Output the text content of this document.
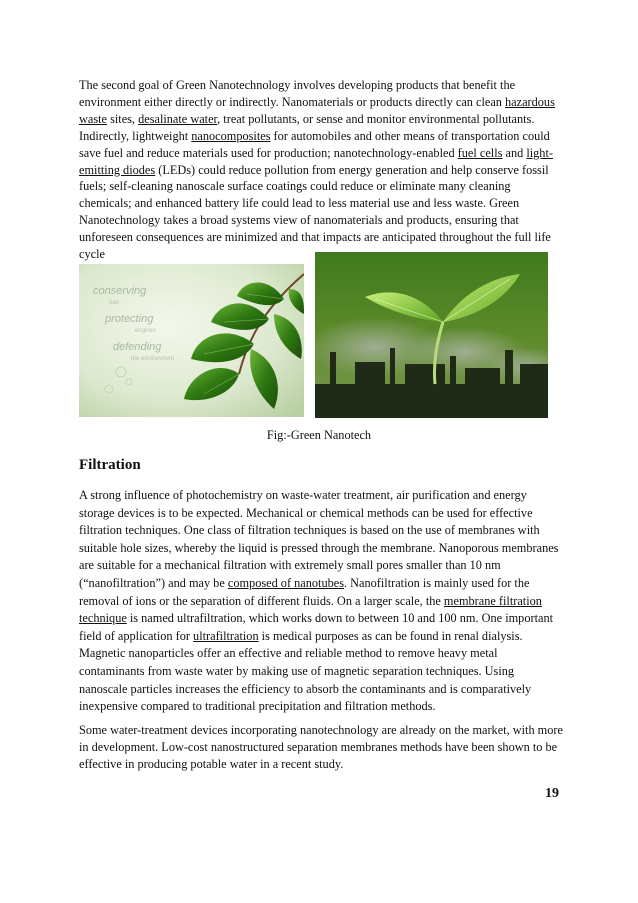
The second goal of Green Nanotechnology involves developing products that benefit the environment either directly or indirectly. Nanomaterials or products directly can clean hazardous waste sites, desalinate water, treat pollutants, or sense and monitor environmental pollutants. Indirectly, lightweight nanocomposites for automobiles and other means of transportation could save fuel and reduce materials used for production; nanotechnology-enabled fuel cells and light-emitting diodes (LEDs) could reduce pollution from energy generation and help conserve fossil fuels; self-cleaning nanoscale surface coatings could reduce or eliminate many cleaning chemicals; and enhanced battery life could lead to less material use and less waste. Green Nanotechnology takes a broad systems view of nanomaterials and products, ensuring that unforeseen consequences are minimized and that impacts are anticipated throughout the full life cycle

conserving
fuel
protecting
engines
defending
the environment
Fig:-Green Nanotech
Filtration

A strong influence of photochemistry on waste-water treatment, air purification and energy storage devices is to be expected. Mechanical or chemical methods can be used for effective filtration techniques. One class of filtration techniques is based on the use of membranes with suitable hole sizes, whereby the liquid is pressed through the membrane. Nanoporous membranes are suitable for a mechanical filtration with extremely small pores smaller than 10 nm (“nanofiltration”) and may be composed of nanotubes. Nanofiltration is mainly used for the removal of ions or the separation of different fluids. On a larger scale, the membrane filtration technique is named ultrafiltration, which works down to between 10 and 100 nm. One important field of application for ultrafiltration is medical purposes as can be found in renal dialysis. Magnetic nanoparticles offer an effective and reliable method to remove heavy metal contaminants from waste water by making use of magnetic separation techniques. Using nanoscale particles increases the efficiency to absorb the contaminants and is comparatively inexpensive compared to traditional precipitation and filtration methods.

Some water-treatment devices incorporating nanotechnology are already on the market, with more in development. Low-cost nanostructured separation membranes methods have been shown to be effective in producing potable water in a recent study.

19
